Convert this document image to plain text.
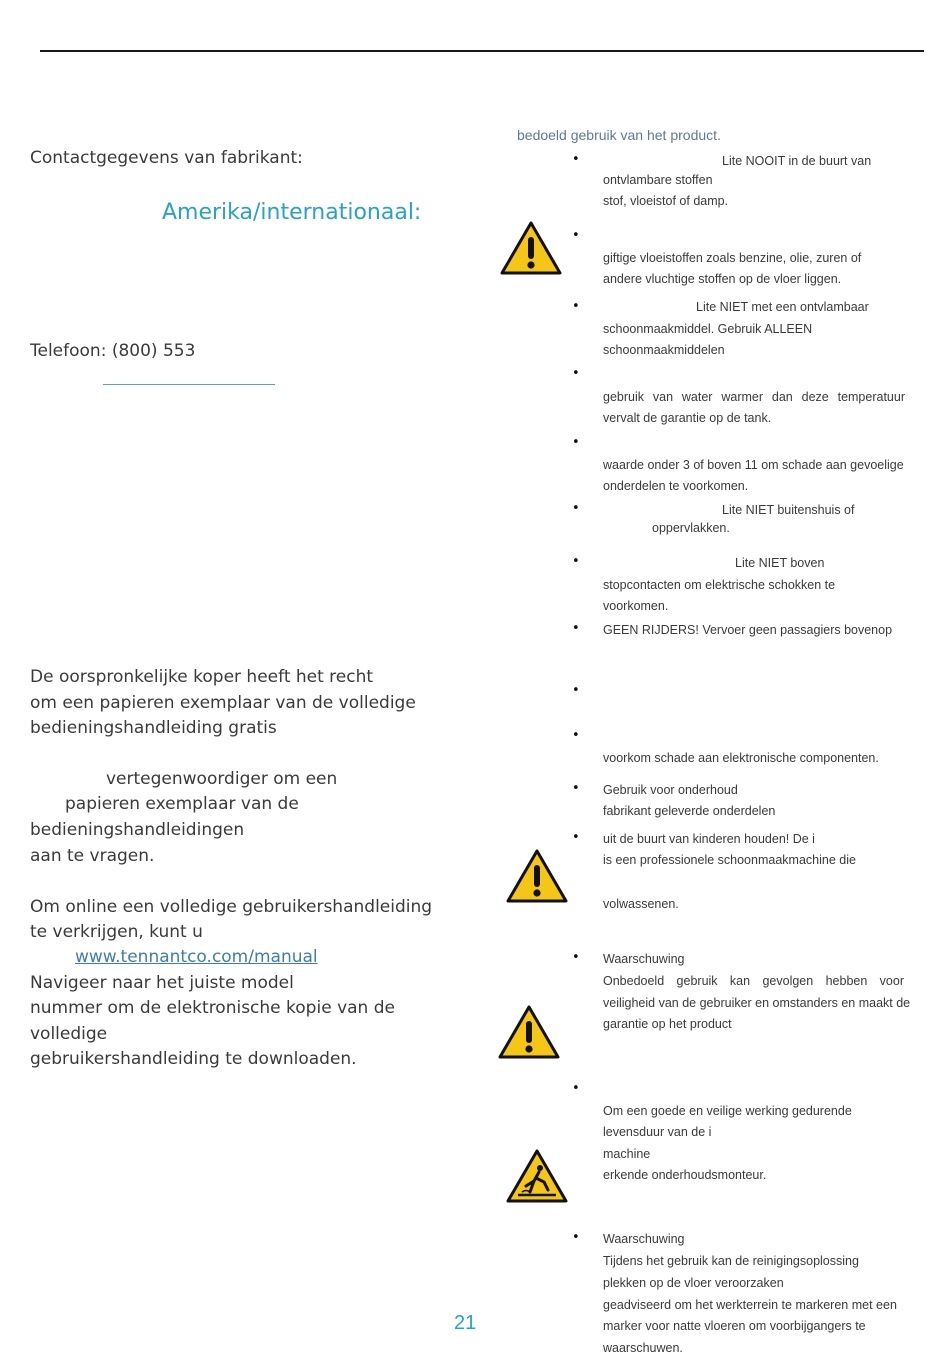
Contactgegevens van fabrikant:
Amerika/internationaal:
Telefoon: (800) 553
De oorspronkelijke koper heeft het recht
om een papieren exemplaar van de volledige
bedieningshandleiding gratis
vertegenwoordiger om een
papieren exemplaar van de
bedieningshandleidingen
aan te vragen.
Om online een volledige gebruikershandleiding
te verkrijgen, kunt u
www.tennantco.com/manual
Navigeer naar het juiste model
nummer om de elektronische kopie van de
volledige
gebruikershandleiding te downloaden.
bedoeld gebruik van het product.
•	Lite NOOIT in de buurt van
ontvlambare stoffen
stof, vloeistof of damp.
•
giftige vloeistoffen zoals benzine, olie, zuren of
andere vluchtige stoffen op de vloer liggen.
•	Lite NIET met een ontvlambaar
schoonmaakmiddel. Gebruik ALLEEN
schoonmaakmiddelen
•
gebruik van water warmer dan deze temperatuur
vervalt de garantie op de tank.
•
waarde onder 3 of boven 11 om schade aan gevoelige
onderdelen te voorkomen.
•	Lite NIET buitenshuis of
oppervlakken.
•	Lite NIET boven
stopcontacten om elektrische schokken te
voorkomen.
• GEEN RIJDERS! Vervoer geen passagiers bovenop
•
•
voorkom schade aan elektronische componenten.
• Gebruik voor onderhoud
fabrikant geleverde onderdelen
• uit de buurt van kinderen houden! De i
is een professionele schoonmaakmachine die
volwassenen.
• Waarschuwing
Onbedoeld gebruik kan gevolgen hebben voor
veiligheid van de gebruiker en omstanders en maakt de
garantie op het product
•
Om een goede en veilige werking gedurende
levensduur van de i
machine
erkende onderhoudsmonteur.
• Waarschuwing
Tijdens het gebruik kan de reinigingsoplossing
plekken op de vloer veroorzaken
geadviseerd om het werkterrein te markeren met een
marker voor natte vloeren om voorbijgangers te
waarschuwen.
21
